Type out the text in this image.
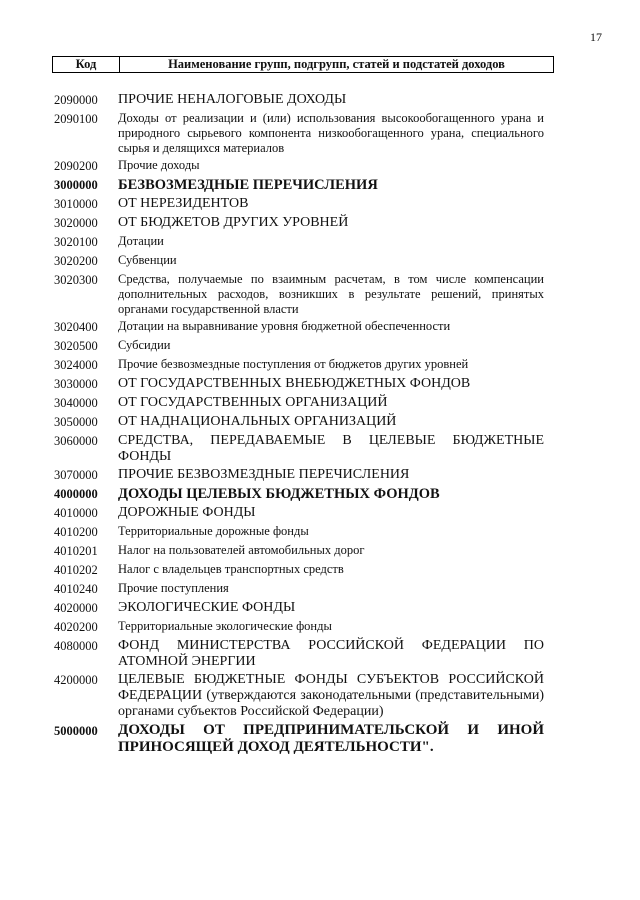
17
Код	Наименование групп, подгрупп, статей и подстатей доходов
2090000	ПРОЧИЕ НЕНАЛОГОВЫЕ ДОХОДЫ
2090100	Доходы от реализации и (или) использования высокообогащенного урана и природного сырьевого компонента низкообогащенного урана, специального сырья и делящихся материалов
2090200	Прочие доходы
3000000	БЕЗВОЗМЕЗДНЫЕ ПЕРЕЧИСЛЕНИЯ
3010000	ОТ НЕРЕЗИДЕНТОВ
3020000	ОТ БЮДЖЕТОВ ДРУГИХ УРОВНЕЙ
3020100	Дотации
3020200	Субвенции
3020300	Средства, получаемые по взаимным расчетам, в том числе компенсации дополнительных расходов, возникших в результате решений, принятых органами государственной власти
3020400	Дотации на выравнивание уровня бюджетной обеспеченности
3020500	Субсидии
3024000	Прочие безвозмездные поступления от бюджетов других уровней
3030000	ОТ ГОСУДАРСТВЕННЫХ ВНЕБЮДЖЕТНЫХ ФОНДОВ
3040000	ОТ ГОСУДАРСТВЕННЫХ ОРГАНИЗАЦИЙ
3050000	ОТ НАДНАЦИОНАЛЬНЫХ ОРГАНИЗАЦИЙ
3060000	СРЕДСТВА, ПЕРЕДАВАЕМЫЕ В ЦЕЛЕВЫЕ БЮДЖЕТНЫЕ ФОНДЫ
3070000	ПРОЧИЕ БЕЗВОЗМЕЗДНЫЕ ПЕРЕЧИСЛЕНИЯ
4000000	ДОХОДЫ ЦЕЛЕВЫХ БЮДЖЕТНЫХ ФОНДОВ
4010000	ДОРОЖНЫЕ ФОНДЫ
4010200	Территориальные дорожные фонды
4010201	Налог на пользователей автомобильных дорог
4010202	Налог с владельцев транспортных средств
4010240	Прочие поступления
4020000	ЭКОЛОГИЧЕСКИЕ ФОНДЫ
4020200	Территориальные экологические фонды
4080000	ФОНД МИНИСТЕРСТВА РОССИЙСКОЙ ФЕДЕРАЦИИ ПО АТОМНОЙ ЭНЕРГИИ
4200000	ЦЕЛЕВЫЕ БЮДЖЕТНЫЕ ФОНДЫ СУБЪЕКТОВ РОССИЙСКОЙ ФЕДЕРАЦИИ (утверждаются законодательными (представительными) органами субъектов Российской Федерации)
5000000	ДОХОДЫ ОТ ПРЕДПРИНИМАТЕЛЬСКОЙ И ИНОЙ ПРИНОСЯЩЕЙ ДОХОД ДЕЯТЕЛЬНОСТИ".
